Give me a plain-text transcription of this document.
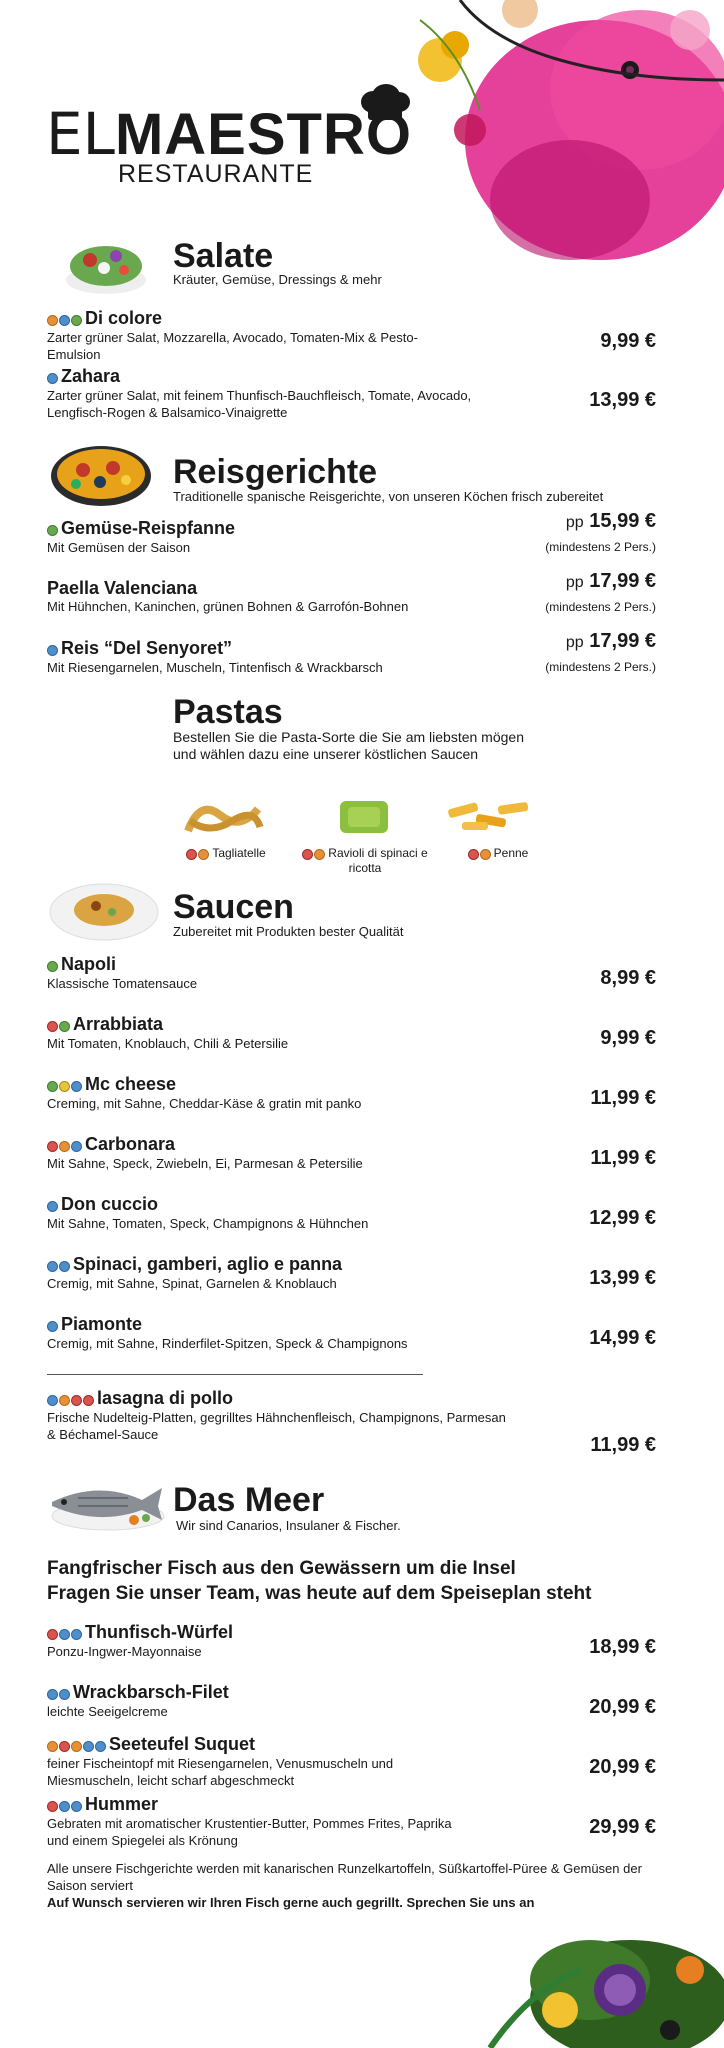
ELMAESTRO
RESTAURANTE
Salate
Kräuter, Gemüse, Dressings & mehr
Di colore
Zarter grüner Salat, Mozzarella, Avocado, Tomaten-Mix & Pesto-Emulsion
9,99 €
Zahara
Zarter grüner Salat, mit feinem Thunfisch-Bauchfleisch, Tomate, Avocado, Lengfisch-Rogen & Balsamico-Vinaigrette
13,99 €
Reisgerichte
Traditionelle spanische Reisgerichte, von unseren Köchen frisch zubereitet
Gemüse-Reispfanne
Mit Gemüsen der Saison
pp 15,99 €
(mindestens 2 Pers.)
Paella Valenciana
Mit Hühnchen, Kaninchen, grünen Bohnen & Garrofón-Bohnen
pp 17,99 €
(mindestens 2 Pers.)
Reis “Del Senyoret”
Mit Riesengarnelen, Muscheln, Tintenfisch & Wrackbarsch
pp 17,99 €
(mindestens 2 Pers.)
Pastas
Bestellen Sie die Pasta-Sorte die Sie am liebsten mögen
und wählen dazu eine unserer köstlichen Saucen
Tagliatelle	Ravioli di spinaci e ricotta
Penne
Saucen
Zubereitet mit Produkten bester Qualität
Napoli
Klassische Tomatensauce	8,99 €
Arrabbiata
Mit Tomaten, Knoblauch, Chili & Petersilie	9,99 €
Mc cheese
Creming, mit Sahne, Cheddar-Käse & gratin mit panko	11,99 €
Carbonara
Mit Sahne, Speck, Zwiebeln, Ei, Parmesan & Petersilie	11,99 €
Don cuccio
Mit Sahne, Tomaten, Speck, Champignons & Hühnchen	12,99 €
Spinaci, gamberi, aglio e panna
Cremig, mit Sahne, Spinat, Garnelen & Knoblauch	13,99 €
Piamonte
Cremig, mit Sahne, Rinderfilet-Spitzen, Speck & Champignons	14,99 €
lasagna di pollo
Frische Nudelteig-Platten, gegrilltes Hähnchenfleisch, Champignons, Parmesan & Béchamel-Sauce	11,99 €
Das Meer
Wir sind Canarios, Insulaner & Fischer.
Fangfrischer Fisch aus den Gewässern um die Insel
Fragen Sie unser Team, was heute auf dem Speiseplan steht
Thunfisch-Würfel
Ponzu-Ingwer-Mayonnaise	18,99 €
Wrackbarsch-Filet
leichte Seeigelcreme	20,99 €
Seeteufel Suquet
feiner Fischeintopf mit Riesengarnelen, Venusmuscheln und Miesmuscheln, leicht scharf abgeschmeckt
20,99 €
Hummer
Gebraten mit aromatischer Krustentier-Butter, Pommes Frites, Paprika und einem Spiegelei als Krönung
29,99 €
Alle unsere Fischgerichte werden mit kanarischen Runzelkartoffeln, Süßkartoffel-Püree & Gemüsen der Saison serviert
Auf Wunsch servieren wir Ihren Fisch gerne auch gegrillt. Sprechen Sie uns an
